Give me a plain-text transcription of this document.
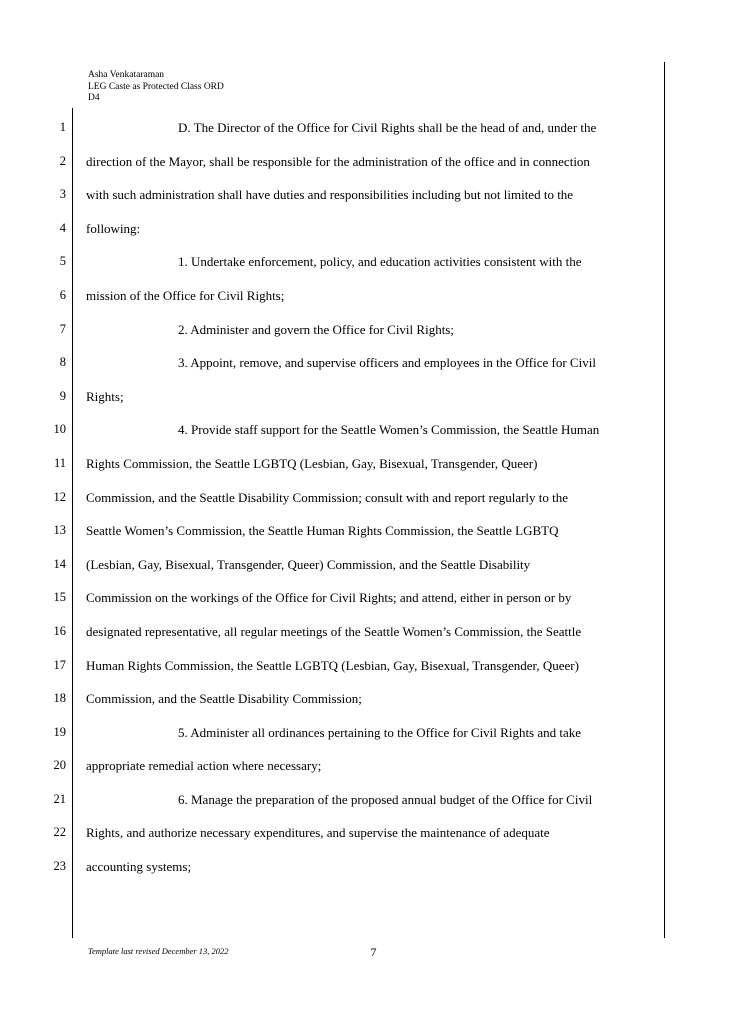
Asha Venkataraman
LEG Caste as Protected Class ORD
D4
1
2
3
4
5
6
7
8
9
10
11
12
13
14
15
16
17
18
19
20
21
22
23

D. The Director of the Office for Civil Rights shall be the head of and, under the

direction of the Mayor, shall be responsible for the administration of the office and in connection

with such administration shall have duties and responsibilities including but not limited to the

following:

1. Undertake enforcement, policy, and education activities consistent with the

mission of the Office for Civil Rights;

2. Administer and govern the Office for Civil Rights;

3. Appoint, remove, and supervise officers and employees in the Office for Civil

Rights;

4. Provide staff support for the Seattle Women’s Commission, the Seattle Human

Rights Commission, the Seattle LGBTQ (Lesbian, Gay, Bisexual, Transgender, Queer)

Commission, and the Seattle Disability Commission; consult with and report regularly to the

Seattle Women’s Commission, the Seattle Human Rights Commission, the Seattle LGBTQ

(Lesbian, Gay, Bisexual, Transgender, Queer) Commission, and the Seattle Disability

Commission on the workings of the Office for Civil Rights; and attend, either in person or by

designated representative, all regular meetings of the Seattle Women’s Commission, the Seattle

Human Rights Commission, the Seattle LGBTQ (Lesbian, Gay, Bisexual, Transgender, Queer)

Commission, and the Seattle Disability Commission;

5. Administer all ordinances pertaining to the Office for Civil Rights and take

appropriate remedial action where necessary;

6. Manage the preparation of the proposed annual budget of the Office for Civil

Rights, and authorize necessary expenditures, and supervise the maintenance of adequate

accounting systems;

Template last revised December 13, 2022	7
